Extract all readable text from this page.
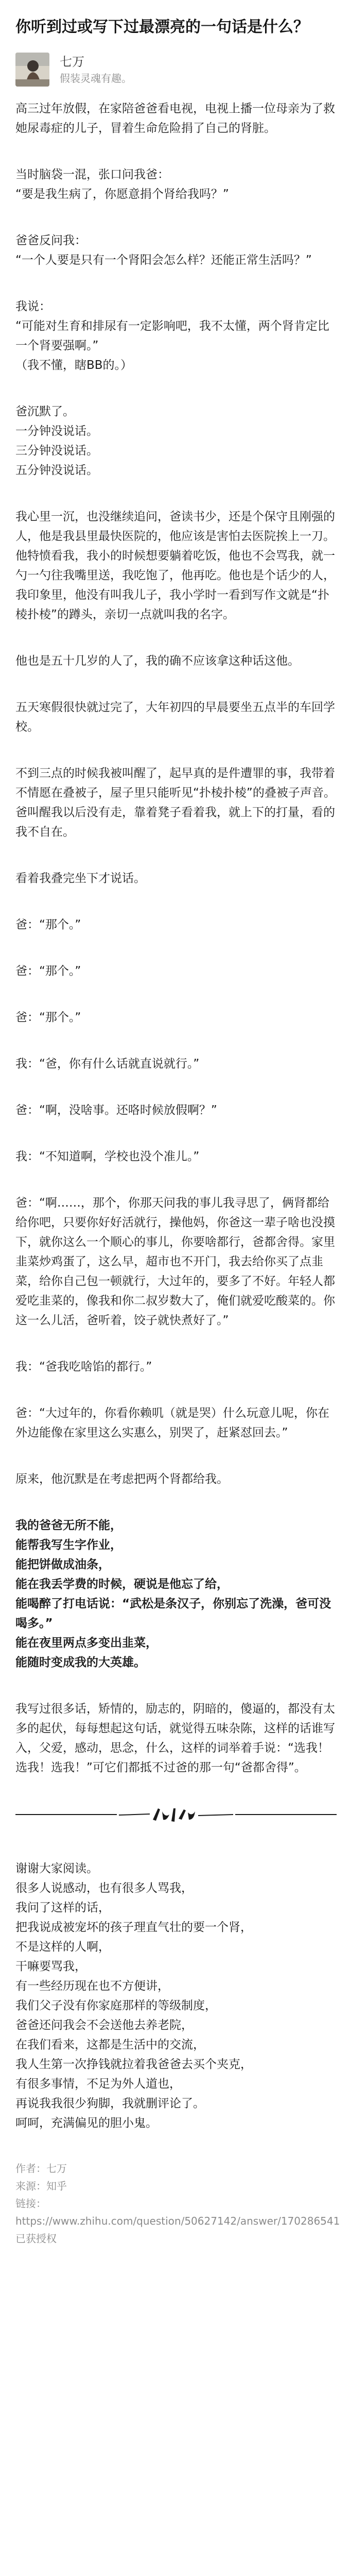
你听到过或写下过最漂亮的一句话是什么？
七万
假装灵魂有趣。

高三过年放假，在家陪爸爸看电视，电视上播一位母亲为了救她尿毒症的儿子，冒着生命危险捐了自己的肾脏。

当时脑袋一混，张口问我爸：
“要是我生病了，你愿意捐个肾给我吗？”

爸爸反问我：
“一个人要是只有一个肾阳会怎么样？还能正常生活吗？”

我说：
“可能对生育和排尿有一定影响吧，我不太懂，两个肾肯定比一个肾要强啊。”
（我不懂，瞎BB的。）

爸沉默了。
一分钟没说话。
三分钟没说话。
五分钟没说话。

我心里一沉，也没继续追问，爸读书少，还是个保守且刚强的人，他是我县里最快医院的，他应该是害怕去医院挨上一刀。他特愤看我，我小的时候想要躺着吃饭，他也不会骂我，就一勺一勺往我嘴里送，我吃饱了，他再吃。他也是个话少的人，我印象里，他没有叫我儿子，我小学时一看到写作文就是“扑棱扑棱”的蹲头，亲切一点就叫我的名字。

他也是五十几岁的人了，我的确不应该拿这种话这他。

五天寒假很快就过完了，大年初四的早晨要坐五点半的车回学校。

不到三点的时候我被叫醒了，起早真的是件遭罪的事，我带着不情愿在叠被子，屋子里只能听见“扑棱扑棱”的叠被子声音。爸叫醒我以后没有走，靠着凳子看着我，就上下的打量，看的我不自在。

看着我叠完坐下才说话。

爸：“那个。”

爸：“那个。”

爸：“那个。”

我：“爸，你有什么话就直说就行。”

爸：“啊，没啥事。还咯时候放假啊？”

我：“不知道啊，学校也没个准儿。”

爸：“啊……，那个，你那天问我的事儿我寻思了，俩肾都给给你吧，只要你好好活就行，操他妈，你爸这一辈子啥也没摸下，就你这么一个顺心的事儿，你要啥都行，爸都舍得。家里韭菜炒鸡蛋了，这么早，超市也不开门，我去给你买了点韭菜，给你自己包一顿就行，大过年的，要多了不好。年轻人都爱吃韭菜的，像我和你二叔岁数大了，俺们就爱吃酸菜的。你这一么儿活，爸听着，饺子就快煮好了。”

我：“爸我吃啥馅的都行。”

爸：“大过年的，你看你赖叽（就是哭）什么玩意儿呢，你在外边能像在家里这么实惠么，别哭了，赶紧怼回去。”

原来，他沉默是在考虑把两个肾都给我。

我的爸爸无所不能，
能帮我写生字作业，
能把饼做成油条，
能在我丢学费的时候，硬说是他忘了给，
能喝醉了打电话说：“武松是条汉子，你别忘了洗澡，爸可没喝多。”
能在夜里两点多变出韭菜，
能随时变成我的大英雄。

我写过很多话，矫情的，励志的，阴暗的，傻逼的，都没有太多的起伏，每每想起这句话，就觉得五味杂陈，这样的话谁写入，父爱，感动，思念，什么，这样的词举着手说：“选我！选我！选我！”可它们都抵不过爸的那一句“爸都舍得”。

谢谢大家阅读。
很多人说感动，也有很多人骂我，
我问了这样的话，
把我说成被宠坏的孩子理直气壮的要一个肾，
不是这样的人啊，
干嘛要骂我，
有一些经历现在也不方便讲，
我们父子没有你家庭那样的等级制度，
爸爸还问我会不会送他去养老院，
在我们看来，这都是生活中的交流，
我人生第一次挣钱就拉着我爸爸去买个夹克，
有很多事情，不足为外人道也，
再说我我很少狗脚，我就删评论了。
呵呵，充满偏见的胆小鬼。

作者：七万
来源：知乎
链接：https://www.zhihu.com/question/50627142/answer/170286541
已获授权
